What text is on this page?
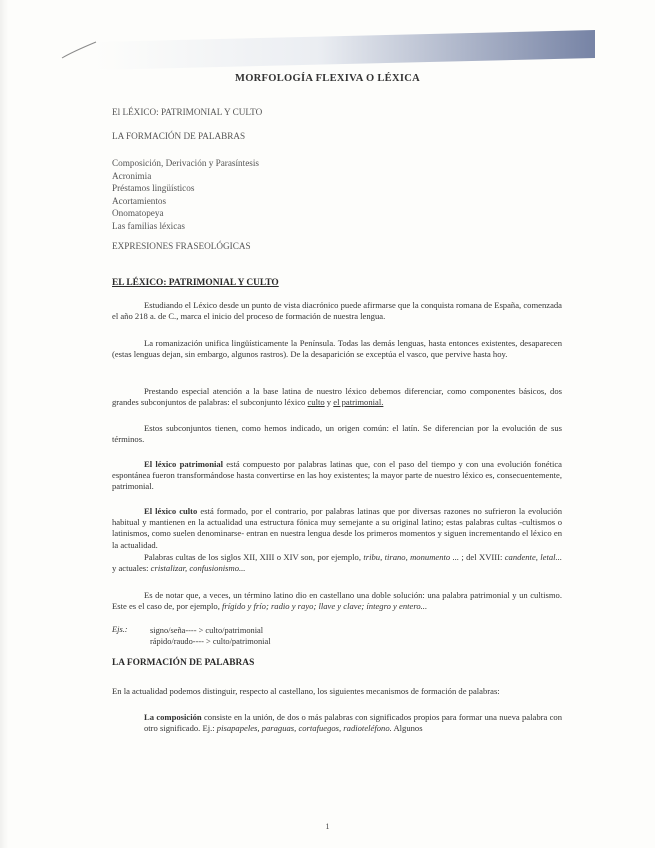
MORFOLOGÍA FLEXIVA O LÉXICA
El LÉXICO: PATRIMONIAL Y CULTO
LA FORMACIÓN DE PALABRAS
Composición, Derivación y Parasíntesis
Acronimia
Préstamos lingüísticos
Acortamientos
Onomatopeya
Las familias léxicas
EXPRESIONES FRASEOLÓGICAS
EL LÉXICO: PATRIMONIAL Y CULTO

Estudiando el Léxico desde un punto de vista diacrónico puede afirmarse que la conquista romana de España, comenzada el año 218 a. de C., marca el inicio del proceso de formación de nuestra lengua.

La romanización unifica lingüísticamente la Península. Todas las demás lenguas, hasta entonces existentes, desaparecen (estas lenguas dejan, sin embargo, algunos rastros). De la desaparición se exceptúa el vasco, que pervive hasta hoy.

Prestando especial atención a la base latina de nuestro léxico debemos diferenciar, como componentes básicos, dos grandes subconjuntos de palabras: el subconjunto léxico culto y el patrimonial.

Estos subconjuntos tienen, como hemos indicado, un origen común: el latín. Se diferencian por la evolución de sus términos.

El léxico patrimonial está compuesto por palabras latinas que, con el paso del tiempo y con una evolución fonética espontánea fueron transformándose hasta convertirse en las hoy existentes; la mayor parte de nuestro léxico es, consecuentemente, patrimonial.

El léxico culto está formado, por el contrario, por palabras latinas que por diversas razones no sufrieron la evolución habitual y mantienen en la actualidad una estructura fónica muy semejante a su original latino; estas palabras cultas -cultismos o latinismos, como suelen denominarse- entran en nuestra lengua desde los primeros momentos y siguen incrementando el léxico en la actualidad.

Palabras cultas de los siglos XII, XIII o XIV son, por ejemplo, tribu, tirano, monumento ... ; del XVIII: candente, letal... y actuales: cristalizar, confusionismo...

Es de notar que, a veces, un término latino dio en castellano una doble solución: una palabra patrimonial y un cultismo. Este es el caso de, por ejemplo, frígido y frío; radio y rayo; llave y clave; íntegro y entero...

Ejs.:	signo/seña---- > culto/patrimonial
rápido/raudo---- > culto/patrimonial
LA FORMACIÓN DE PALABRAS

En la actualidad podemos distinguir, respecto al castellano, los siguientes mecanismos de formación de palabras:

La composición consiste en la unión, de dos o más palabras con significados propios para formar una nueva palabra con otro significado. Ej.: pisapapeles, paraguas, cortafuegos, radioteléfono. Algunos

1
